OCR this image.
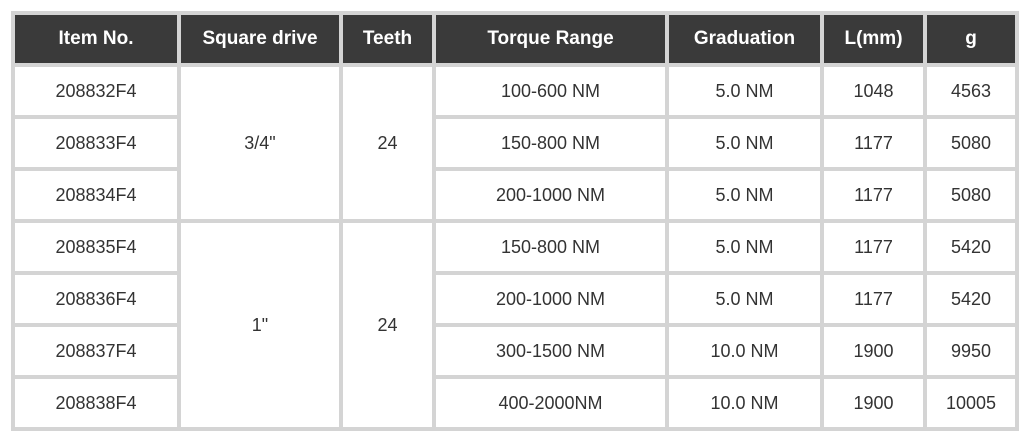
Item No.	Square drive	Teeth	Torque Range	Graduation	L(mm)	g
208832F4	3/4"	24	100-600 NM	5.0 NM	1048	4563
208833F4			150-800 NM	5.0 NM	1177	5080
208834F4			200-1000 NM	5.0 NM	1177	5080
208835F4	1"	24	150-800 NM	5.0 NM	1177	5420
208836F4			200-1000 NM	5.0 NM	1177	5420
208837F4			300-1500 NM	10.0 NM	1900	9950
208838F4			400-2000NM	10.0 NM	1900	10005
